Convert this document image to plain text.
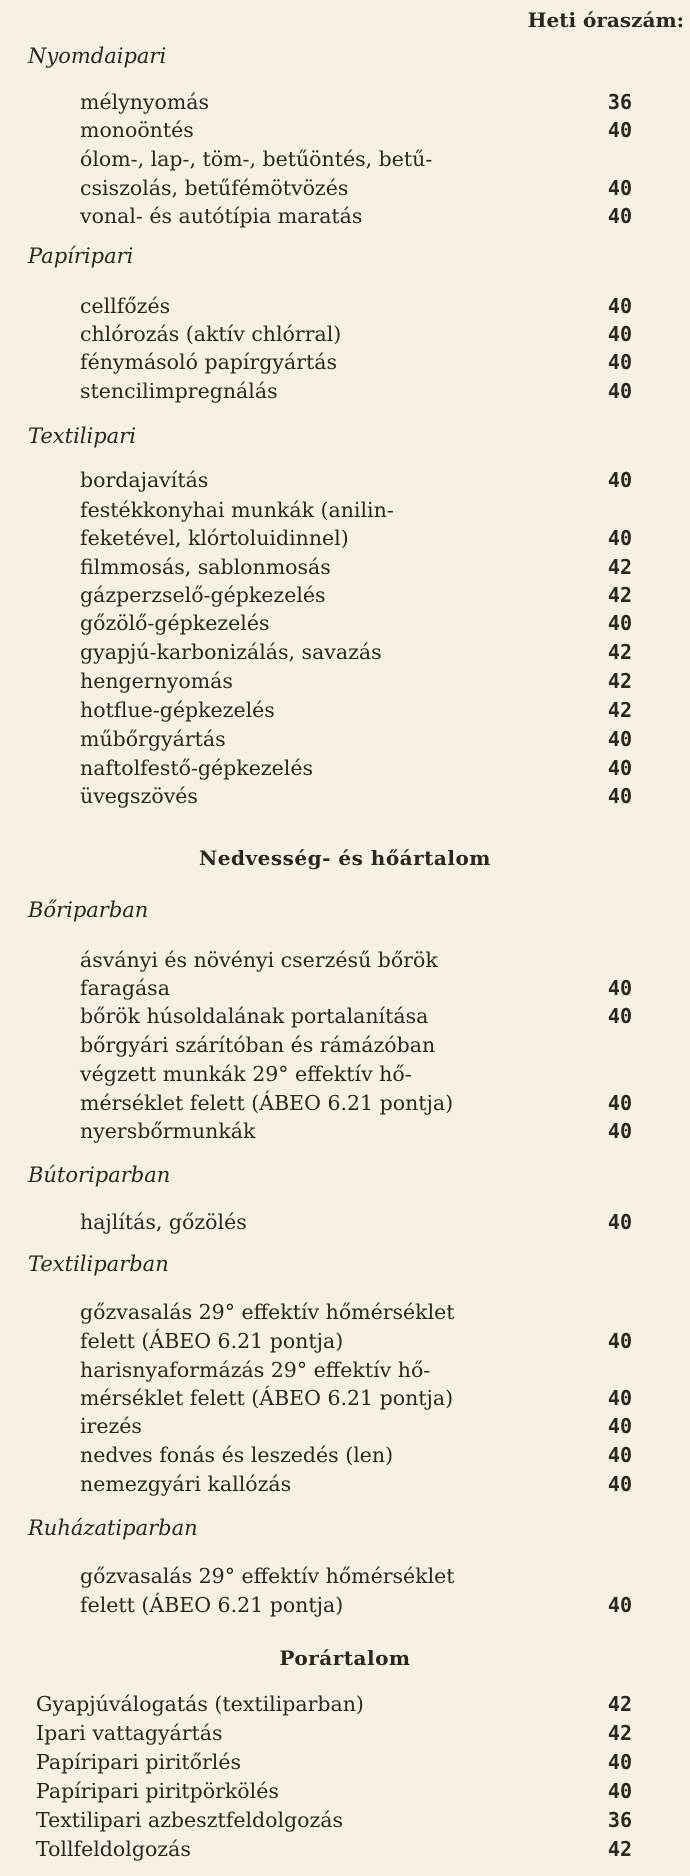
Heti óraszám:
Nyomdaipari
mélynyomás	36
monoöntés	40
ólom-, lap-, töm-, betűöntés, betű-
csiszolás, betűfémötvözés	40
vonal- és autótípia maratás	40
Papíripari
cellfőzés	40
chlórozás (aktív chlórral)	40
fénymásoló papírgyártás	40
stencilimpregnálás	40
Textilipari
bordajavítás	40
festékkonyhai munkák (anilin-
feketével, klórtoluidinnel)	40
filmmosás, sablonmosás	42
gázperzselő-gépkezelés	42
gőzölő-gépkezelés	40
gyapjú-karbonizálás, savazás	42
hengernyomás	42
hotflue-gépkezelés	42
műbőrgyártás	40
naftolfestő-gépkezelés	40
üvegszövés	40
Nedvesség- és hőártalom
Bőriparban
ásványi és növényi cserzésű bőrök
faragása	40
bőrök húsoldalának portalanítása	40
bőrgyári szárítóban és rámázóban
végzett munkák 29° effektív hő-
mérséklet felett (ÁBEO 6.21 pontja)	40
nyersbőrmunkák	40
Bútoriparban
hajlítás, gőzölés	40
Textiliparban
gőzvasalás 29° effektív hőmérséklet
felett (ÁBEO 6.21 pontja)	40
harisnyaformázás 29° effektív hő-
mérséklet felett (ÁBEO 6.21 pontja)	40
irezés	40
nedves fonás és leszedés (len)	40
nemezgyári kallózás	40
Ruházatiparban
gőzvasalás 29° effektív hőmérséklet
felett (ÁBEO 6.21 pontja)	40
Porártalom
Gyapjúválogatás (textiliparban)	42
Ipari vattagyártás	42
Papíripari piritőrlés	40
Papíripari piritpörkölés	40
Textilipari azbesztfeldolgozás	36
Tollfeldolgozás	42
